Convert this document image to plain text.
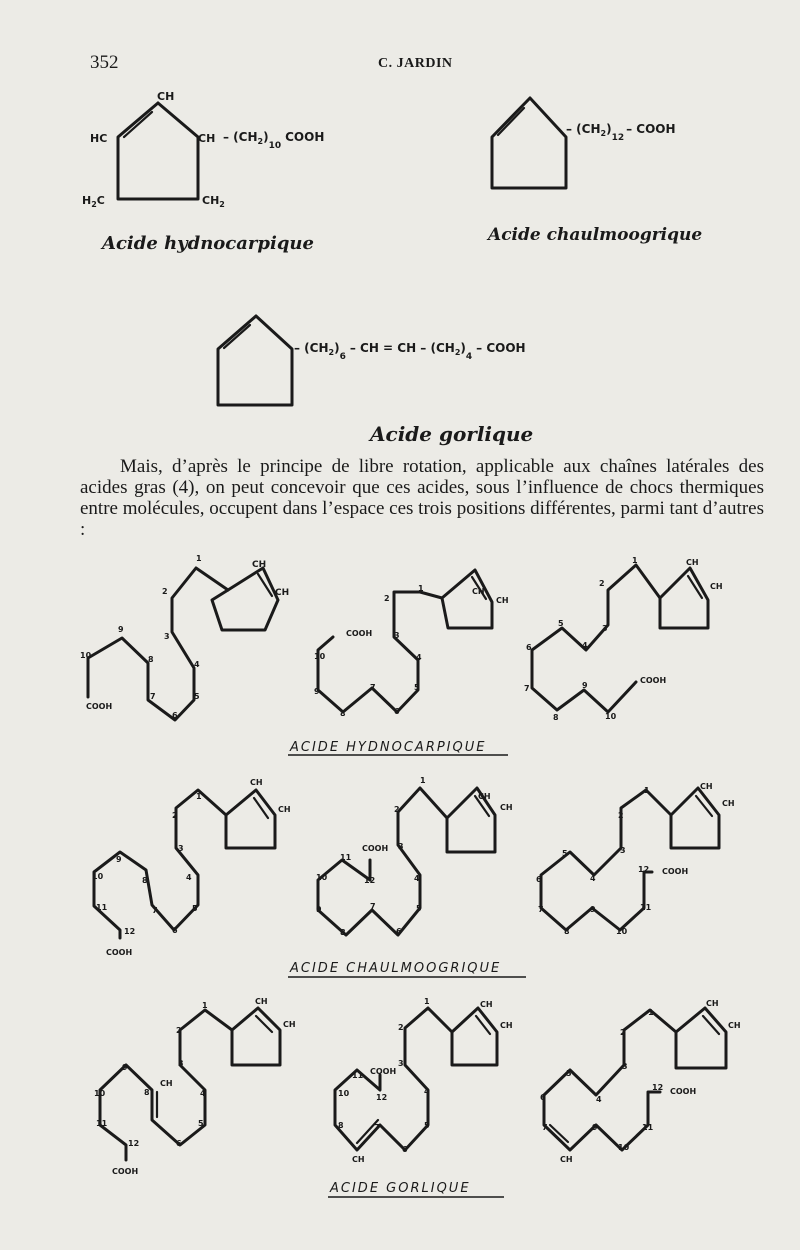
352	C. JARDIN
CH
HC	CH – $(CH_2)_{10}COOH$
$H_2C$	$CH_2$
Acide hydnocarpique
– $(CH_2)_{12}-$ COOH
Acide chaulmoogrique
– $(CH_2)_6-$ CH = CH – $(CH_2)_4-$ COOH
Acide gorlique
CH
CH
COOH
1
2
3
4
5
6
7
8
9
10
CH
CH
COOH
1
2
3
4
5
6
7
8
9
10
CH
CH
COOH
1
2
3
4
5
6
7
8
9
10
ACIDE HYDNOCARPIQUE
CH
CH
COOH
1
2
3
4
5
6
7
8
9
10
11
12
CH
CH
COOH
1
2
3
4
5
6
7
8
9
10
11
12
CH
CH
COOH
1
2
3
4
5
6
7
8
9
10
11
12
ACIDE CHAULMOOGRIQUE
CH
CH
CH
COOH
1
2
3
4
5
6
8
9
10
11
12
CH
CH
COOH
CH
1
2
3
4
5
6
7
8
10
11
12
CH
CH
COOH
CH
1
2
3
4
5
6
7	9
10
11
12
ACIDE GORLIQUE

Mais, d’après le principe de libre rotation, applicable aux chaînes latérales des acides gras (4), on peut concevoir que ces acides, sous l’influence de chocs thermiques entre molécules, occupent dans l’espace ces trois positions différentes, parmi tant d’autres :
